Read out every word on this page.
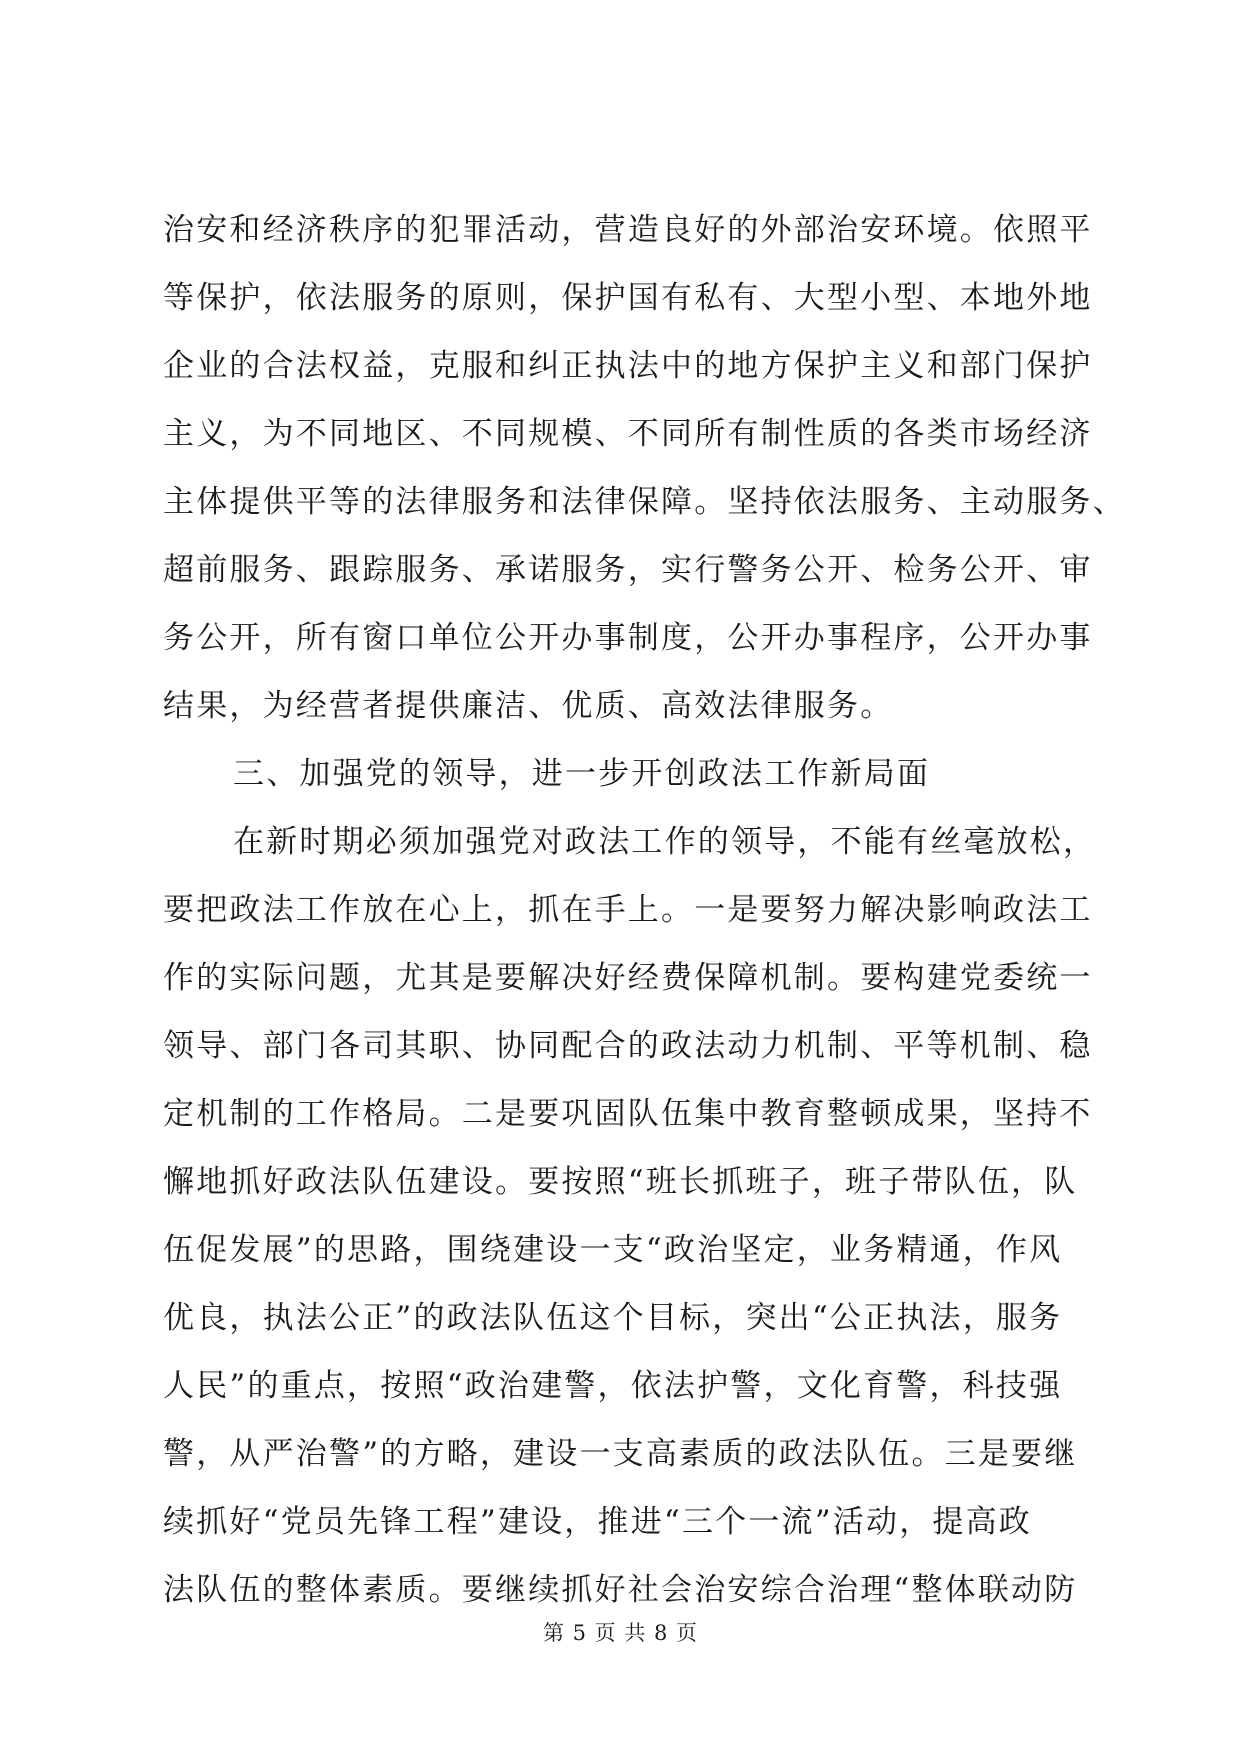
治安和经济秩序的犯罪活动，营造良好的外部治安环境。依照平
等保护，依法服务的原则，保护国有私有、大型小型、本地外地
企业的合法权益，克服和纠正执法中的地方保护主义和部门保护
主义，为不同地区、不同规模、不同所有制性质的各类市场经济
主体提供平等的法律服务和法律保障。坚持依法服务、主动服务、
超前服务、跟踪服务、承诺服务，实行警务公开、检务公开、审
务公开，所有窗口单位公开办事制度，公开办事程序，公开办事
结果，为经营者提供廉洁、优质、高效法律服务。
三、加强党的领导，进一步开创政法工作新局面
在新时期必须加强党对政法工作的领导，不能有丝毫放松，
要把政法工作放在心上，抓在手上。一是要努力解决影响政法工
作的实际问题，尤其是要解决好经费保障机制。要构建党委统一
领导、部门各司其职、协同配合的政法动力机制、平等机制、稳
定机制的工作格局。二是要巩固队伍集中教育整顿成果，坚持不
懈地抓好政法队伍建设。要按照“班长抓班子，班子带队伍，队
伍促发展”的思路，围绕建设一支“政治坚定，业务精通，作风
优良，执法公正”的政法队伍这个目标，突出“公正执法，服务
人民”的重点，按照“政治建警，依法护警，文化育警，科技强
警，从严治警”的方略，建设一支高素质的政法队伍。三是要继
续抓好“党员先锋工程”建设，推进“三个一流”活动，提高政
法队伍的整体素质。要继续抓好社会治安综合治理“整体联动防
第 5 页 共 8 页
